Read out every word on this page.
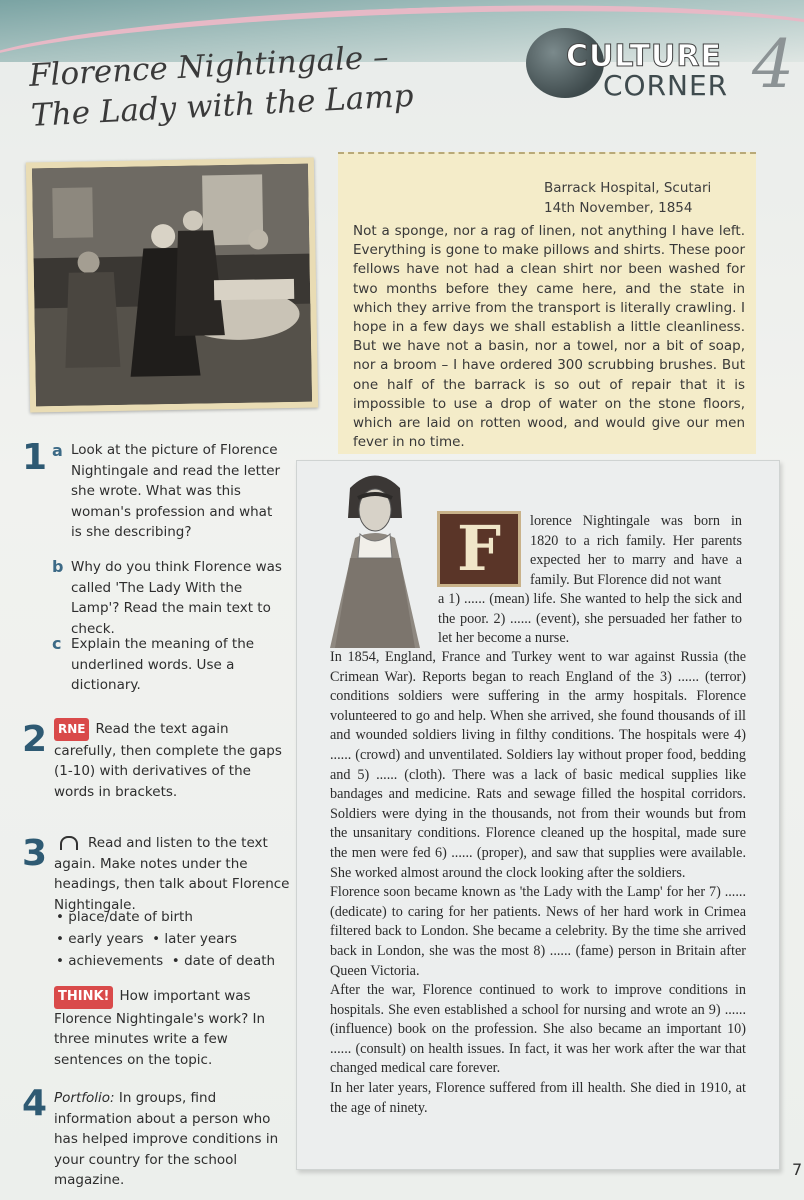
Florence Nightingale –
The Lady with the Lamp
CULTURE
CORNER 4
Barrack Hospital, Scutari
14th November, 1854
Not a sponge, nor a rag of linen, not anything I have left. Everything is gone to make pillows and shirts. These poor fellows have not had a clean shirt nor been washed for two months before they came here, and the state in which they arrive from the transport is literally crawling. I hope in a few days we shall establish a little cleanliness. But we have not a basin, nor a towel, nor a bit of soap, nor a broom – I have ordered 300 scrubbing brushes. But one half of the barrack is so out of repair that it is impossible to use a drop of water on the stone floors, which are laid on rotten wood, and would give our men fever in no time.
1 a Look at the picture of Florence Nightingale and read the letter she wrote. What was this woman's profession and what is she describing?
b Why do you think Florence was called 'The Lady With the Lamp'? Read the main text to check.
c Explain the meaning of the underlined words. Use a dictionary.
2 RNE Read the text again carefully, then complete the gaps (1-10) with derivatives of the words in brackets.
3	Read and listen to the text again. Make notes under the headings, then talk about Florence Nightingale.
• place/date of birth
• early years  • later years
• achievements  • date of death
THINK! How important was Florence Nightingale's work? In three minutes write a few sentences on the topic.
4 Portfolio: In groups, find information about a person who has helped improve conditions in your country for the school magazine.
F lorence Nightingale was born in 1820 to a rich family. Her parents expected her to marry and have a family. But Florence did not want
a 1) ...... (mean) life. She wanted to help the sick and the poor. 2) ...... (event), she persuaded her father to let her become a nurse.
In 1854, England, France and Turkey went to war against Russia (the Crimean War). Reports began to reach England of the 3) ...... (terror) conditions soldiers were suffering in the army hospitals. Florence volunteered to go and help. When she arrived, she found thousands of ill and wounded soldiers living in filthy conditions. The hospitals were 4) ...... (crowd) and unventilated. Soldiers lay without proper food, bedding and 5) ...... (cloth). There was a lack of basic medical supplies like bandages and medicine. Rats and sewage filled the hospital corridors. Soldiers were dying in the thousands, not from their wounds but from the unsanitary conditions. Florence cleaned up the hospital, made sure the men were fed 6) ...... (proper), and saw that supplies were available. She worked almost around the clock looking after the soldiers.
Florence soon became known as 'the Lady with the Lamp' for her 7) ...... (dedicate) to caring for her patients. News of her hard work in Crimea filtered back to London. She became a celebrity. By the time she arrived back in London, she was the most 8) ...... (fame) person in Britain after Queen Victoria.
After the war, Florence continued to work to improve conditions in hospitals. She even established a school for nursing and wrote an 9) ...... (influence) book on the profession. She also became an important 10) ...... (consult) on health issues. In fact, it was her work after the war that changed medical care forever.
In her later years, Florence suffered from ill health. She died in 1910, at the age of ninety.
7
